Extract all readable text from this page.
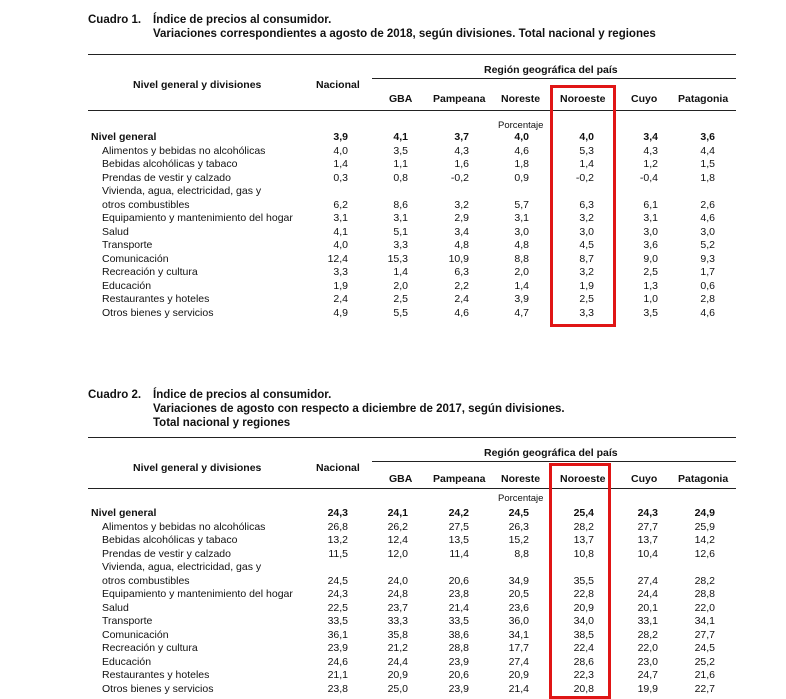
Cuadro 1. Índice de precios al consumidor.
Variaciones correspondientes a agosto de 2018, según divisiones. Total nacional y regiones
Nivel general y divisiones	Nacional
Región geográfica del país
GBA Pampeana Noreste Noroeste Cuyo Patagonia
Porcentaje
Nivel general	3,9	4,1	3,7	4,0	4,0	3,4	3,6
Alimentos y bebidas no alcohólicas	4,0	3,5	4,3	4,6	5,3	4,3	4,4
Bebidas alcohólicas y tabaco	1,4	1,1	1,6	1,8	1,4	1,2	1,5
Prendas de vestir y calzado	0,3	0,8	-0,2	0,9	-0,2	-0,4	1,8
Vivienda, agua, electricidad, gas y
otros combustibles	6,2	8,6	3,2	5,7	6,3	6,1	2,6
Equipamiento y mantenimiento del hogar	3,1	3,1	2,9	3,1	3,2	3,1	4,6
Salud	4,1	5,1	3,4	3,0	3,0	3,0	3,0
Transporte	4,0	3,3	4,8	4,8	4,5	3,6	5,2
Comunicación	12,4	15,3	10,9	8,8	8,7	9,0	9,3
Recreación y cultura	3,3	1,4	6,3	2,0	3,2	2,5	1,7
Educación	1,9	2,0	2,2	1,4	1,9	1,3	0,6
Restaurantes y hoteles	2,4	2,5	2,4	3,9	2,5	1,0	2,8
Otros bienes y servicios	4,9	5,5	4,6	4,7	3,3	3,5	4,6
Cuadro 2. Índice de precios al consumidor.
Variaciones de agosto con respecto a diciembre de 2017, según divisiones.
Total nacional y regiones
Nivel general y divisiones	Nacional
Región geográfica del país
GBA Pampeana Noreste Noroeste Cuyo Patagonia
Porcentaje
Nivel general	24,3	24,1	24,2	24,5	25,4	24,3	24,9
Alimentos y bebidas no alcohólicas	26,8	26,2	27,5	26,3	28,2	27,7	25,9
Bebidas alcohólicas y tabaco	13,2	12,4	13,5	15,2	13,7	13,7	14,2
Prendas de vestir y calzado	11,5	12,0	11,4	8,8	10,8	10,4	12,6
Vivienda, agua, electricidad, gas y
otros combustibles	24,5	24,0	20,6	34,9	35,5	27,4	28,2
Equipamiento y mantenimiento del hogar	24,3	24,8	23,8	20,5	22,8	24,4	28,8
Salud	22,5	23,7	21,4	23,6	20,9	20,1	22,0
Transporte	33,5	33,3	33,5	36,0	34,0	33,1	34,1
Comunicación	36,1	35,8	38,6	34,1	38,5	28,2	27,7
Recreación y cultura	23,9	21,2	28,8	17,7	22,4	22,0	24,5
Educación	24,6	24,4	23,9	27,4	28,6	23,0	25,2
Restaurantes y hoteles	21,1	20,9	20,6	20,9	22,3	24,7	21,6
Otros bienes y servicios	23,8	25,0	23,9	21,4	20,8	19,9	22,7
